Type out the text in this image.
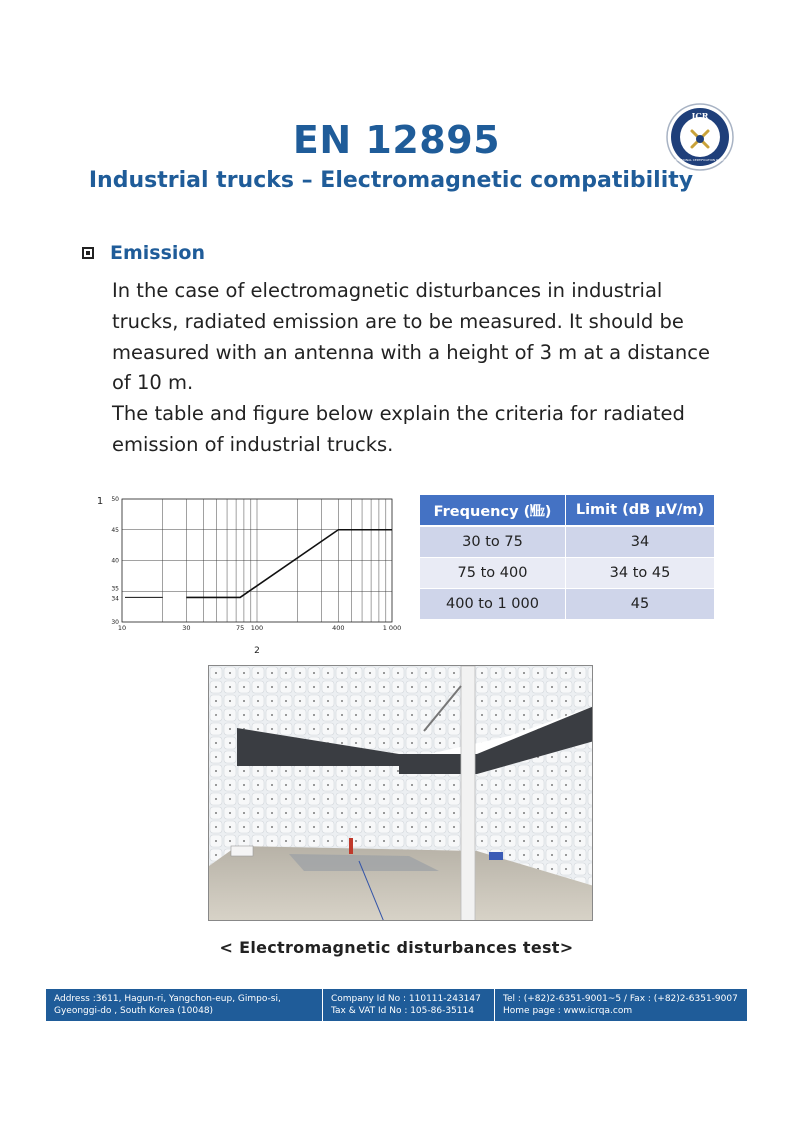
EN 12895
Industrial trucks – Electromagnetic compatibility
ICR
INTERNATIONAL CERTIFICATION RESEARCH
Emission

In the case of electromagnetic disturbances in industrial trucks, radiated emission are to be measured. It should be measured with an antenna with a height of 3 m at a distance of 10 m.

The table and figure below explain the criteria for radiated emission of industrial trucks.

10	30	75 100	400	1 000
30
34
35
40
45
50
1
2
Frequency (㎒)	Limit (dB μV/m)
30 to 75	34
75 to 400	34 to 45
400 to 1 000	45
< Electromagnetic disturbances test>
Address :3611, Hagun-ri, Yangchon-eup, Gimpo-si,
Gyeonggi-do , South Korea (10048)
Company Id No : 110111-243147
Tax & VAT Id No : 105-86-35114
Tel : (+82)2-6351-9001~5 / Fax : (+82)2-6351-9007
Home page : www.icrqa.com
